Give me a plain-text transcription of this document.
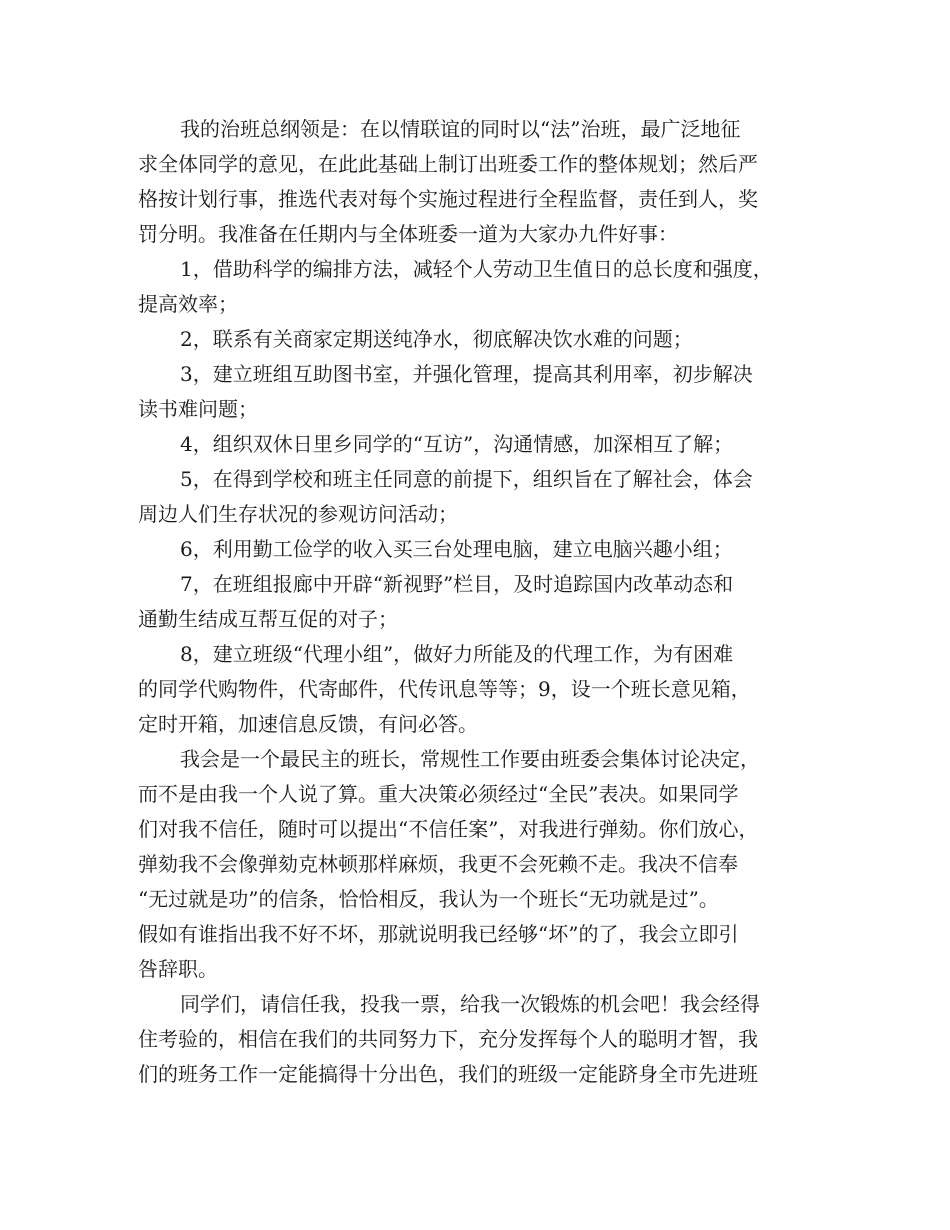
我的治班总纲领是：在以情联谊的同时以“法”治班，最广泛地征
求全体同学的意见，在此此基础上制订出班委工作的整体规划；然后严
格按计划行事，推选代表对每个实施过程进行全程监督，责任到人，奖
罚分明。我准备在任期内与全体班委一道为大家办九件好事：
1，借助科学的编排方法，减轻个人劳动卫生值日的总长度和强度，
提高效率；
2，联系有关商家定期送纯净水，彻底解决饮水难的问题；
3，建立班组互助图书室，并强化管理，提高其利用率，初步解决
读书难问题；
4，组织双休日里乡同学的“互访”，沟通情感，加深相互了解；
5，在得到学校和班主任同意的前提下，组织旨在了解社会，体会
周边人们生存状况的参观访问活动；
6，利用勤工俭学的收入买三台处理电脑，建立电脑兴趣小组；
7，在班组报廊中开辟“新视野”栏目，及时追踪国内改革动态和
通勤生结成互帮互促的对子；
8，建立班级“代理小组”，做好力所能及的代理工作，为有困难
的同学代购物件，代寄邮件，代传讯息等等；9，设一个班长意见箱，
定时开箱，加速信息反馈，有问必答。
我会是一个最民主的班长，常规性工作要由班委会集体讨论决定，
而不是由我一个人说了算。重大决策必须经过“全民”表决。如果同学
们对我不信任，随时可以提出“不信任案”，对我进行弹劾。你们放心，
弹劾我不会像弹劾克林顿那样麻烦，我更不会死赖不走。我决不信奉
“无过就是功”的信条，恰恰相反，我认为一个班长“无功就是过”。
假如有谁指出我不好不坏，那就说明我已经够“坏”的了，我会立即引
咎辞职。
同学们，请信任我，投我一票，给我一次锻炼的机会吧！我会经得
住考验的，相信在我们的共同努力下，充分发挥每个人的聪明才智，我
们的班务工作一定能搞得十分出色，我们的班级一定能跻身全市先进班
